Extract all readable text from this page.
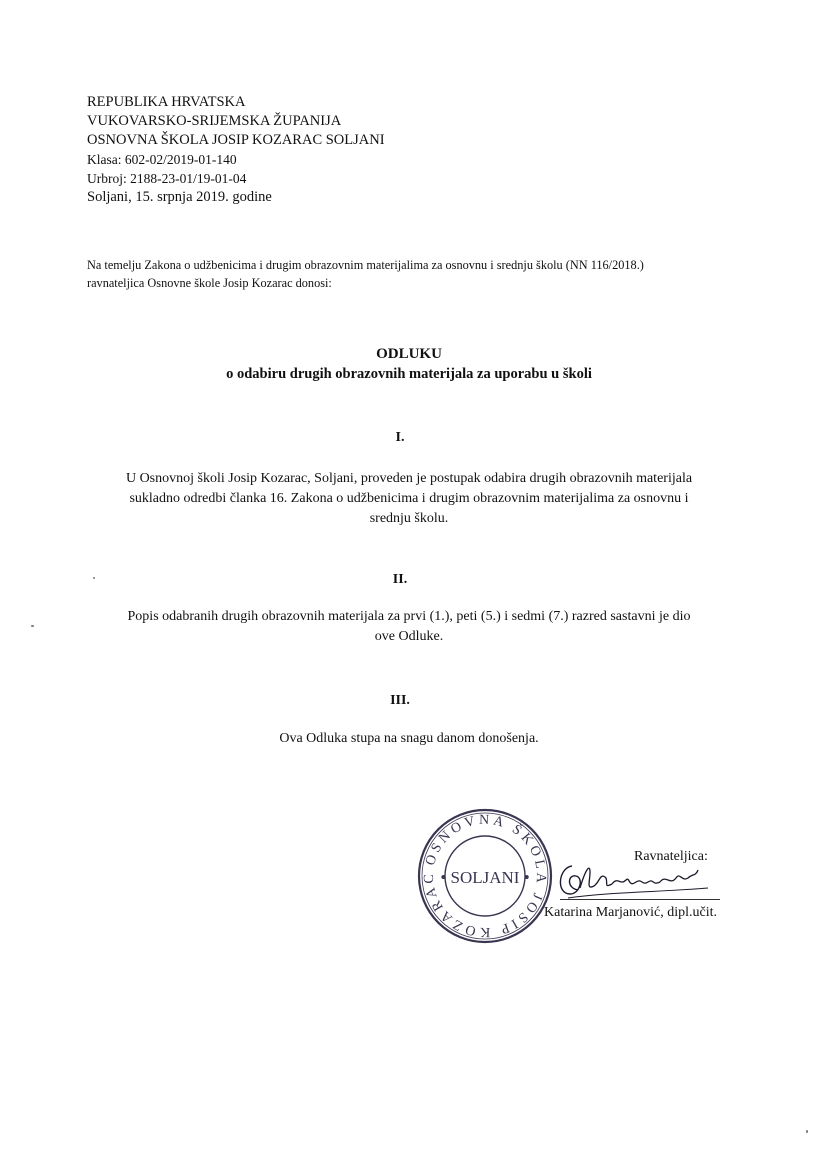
REPUBLIKA HRVATSKA
VUKOVARSKO-SRIJEMSKA ŽUPANIJA
OSNOVNA ŠKOLA JOSIP KOZARAC SOLJANI
Klasa: 602-02/2019-01-140
Urbroj: 2188-23-01/19-01-04
Soljani, 15. srpnja 2019. godine
Na temelju Zakona o udžbenicima i drugim obrazovnim materijalima za osnovnu i srednju školu (NN 116/2018.)
ravnateljica Osnovne škole Josip Kozarac donosi:
ODLUKU
o odabiru drugih obrazovnih materijala za uporabu u školi
I.
U Osnovnoj školi Josip Kozarac, Soljani, proveden je postupak odabira drugih obrazovnih materijala
sukladno odredbi članka 16. Zakona o udžbenicima i drugim obrazovnim materijalima za osnovnu i
srednju školu.
II.
Popis odabranih drugih obrazovnih materijala za prvi (1.), peti (5.) i sedmi (7.) razred sastavni je dio
ove Odluke.
III.
Ova Odluka stupa na snagu danom donošenja.
OSNOVNA ŠKOLA JOSIP KOZARAC • SOLJANI •
Ravnateljica:
Katarina Marjanović, dipl.učit.
